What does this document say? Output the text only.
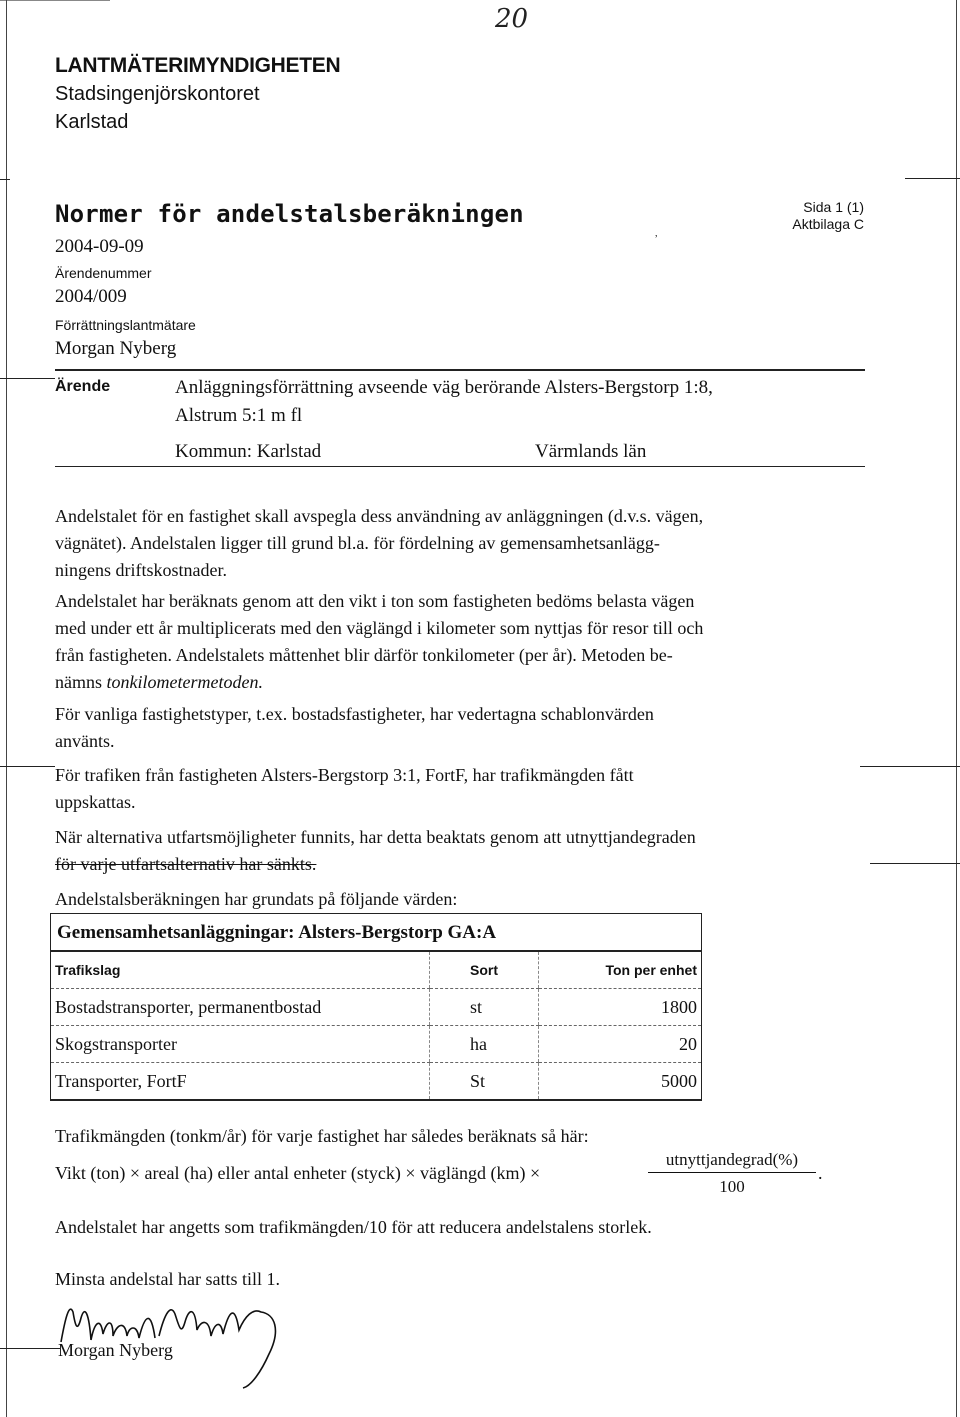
20
LANTMÄTERIMYNDIGHETEN
Stadsingenjörskontoret
Karlstad
Normer för andelstalsberäkningen	Sida 1 (1)
Aktbilaga C
,
2004-09-09
Ärendenummer
2004/009
Förrättningslantmätare
Morgan Nyberg
Ärende	Anläggningsförrättning avseende väg berörande Alsters-Bergstorp 1:8,
Alstrum 5:1 m fl
Kommun: Karlstad	Värmlands län
Andelstalet för en fastighet skall avspegla dess användning av anläggningen (d.v.s. vägen,
vägnätet). Andelstalen ligger till grund bl.a. för fördelning av gemensamhetsanlägg-
ningens driftskostnader.
Andelstalet har beräknats genom att den vikt i ton som fastigheten bedöms belasta vägen
med under ett år multiplicerats med den väglängd i kilometer som nyttjas för resor till och
från fastigheten. Andelstalets måttenhet blir därför tonkilometer (per år). Metoden be-
nämns tonkilometermetoden.
För vanliga fastighetstyper, t.ex. bostadsfastigheter, har vedertagna schablonvärden
använts.
För trafiken från fastigheten Alsters-Bergstorp 3:1, FortF, har trafikmängden fått
uppskattas.
När alternativa utfartsmöjligheter funnits, har detta beaktats genom att utnyttjandegraden
för varje utfartsalternativ har sänkts.
Andelstalsberäkningen har grundats på följande värden:
Gemensamhetsanläggningar: Alsters-Bergstorp GA:A
Trafikslag	Sort	Ton per enhet
Bostadstransporter, permanentbostad	st	1800
Skogstransporter	ha	20
Transporter, FortF	St	5000
Trafikmängden (tonkm/år) för varje fastighet har således beräknats så här:
Vikt (ton) × areal (ha) eller antal enheter (styck) × väglängd (km) ×
utnyttjandegrad(%)
100
.
Andelstalet har angetts som trafikmängden/10 för att reducera andelstalens storlek.
Minsta andelstal har satts till 1.
Morgan Nyberg
